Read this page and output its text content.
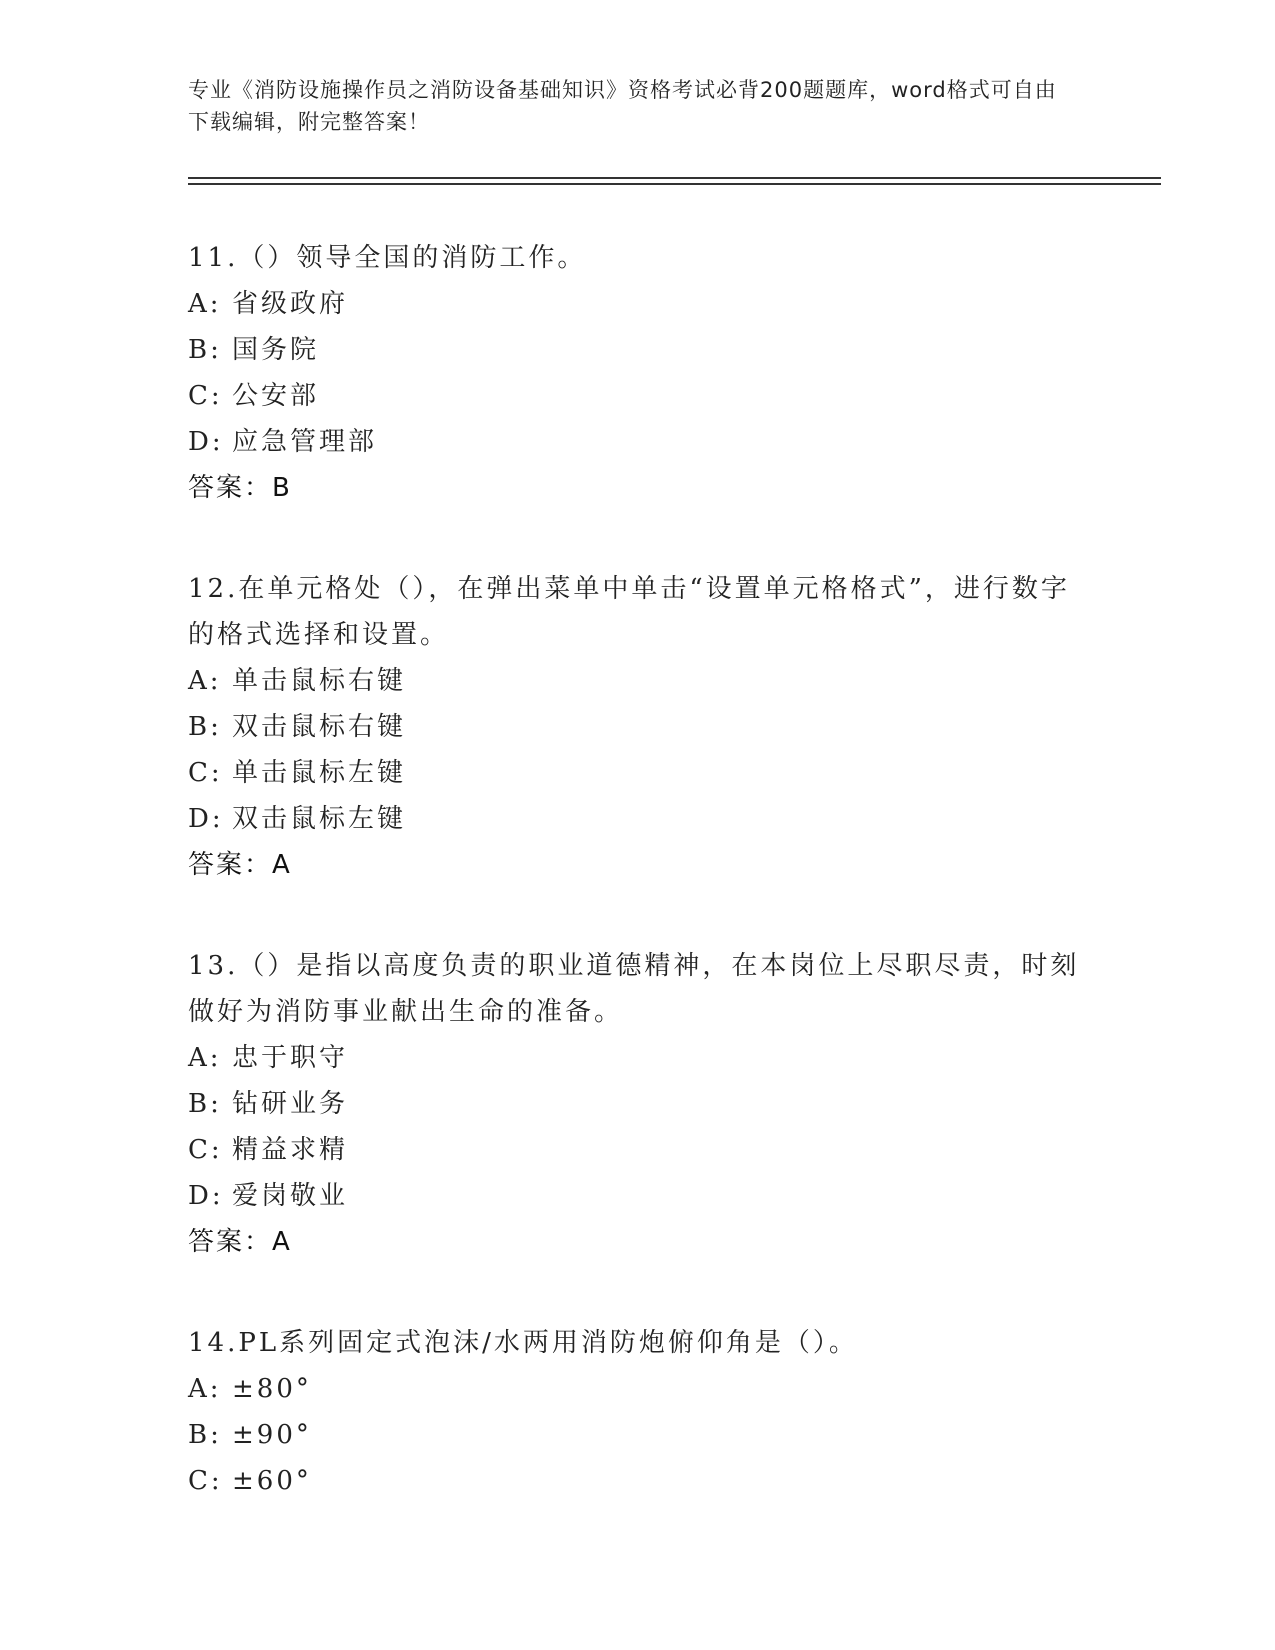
专业《消防设施操作员之消防设备基础知识》资格考试必背200题题库，word格式可自由下载编辑，附完整答案！
11.（）领导全国的消防工作。
A: 省级政府
B: 国务院
C: 公安部
D: 应急管理部
答案：B
12.在单元格处（），在弹出菜单中单击“设置单元格格式”，进行数字的格式选择和设置。
A: 单击鼠标右键
B: 双击鼠标右键
C: 单击鼠标左键
D: 双击鼠标左键
答案：A
13.（）是指以高度负责的职业道德精神，在本岗位上尽职尽责，时刻做好为消防事业献出生命的准备。
A: 忠于职守
B: 钻研业务
C: 精益求精
D: 爱岗敬业
答案：A
14.PL系列固定式泡沫/水两用消防炮俯仰角是（）。
A: ±80°
B: ±90°
C: ±60°
